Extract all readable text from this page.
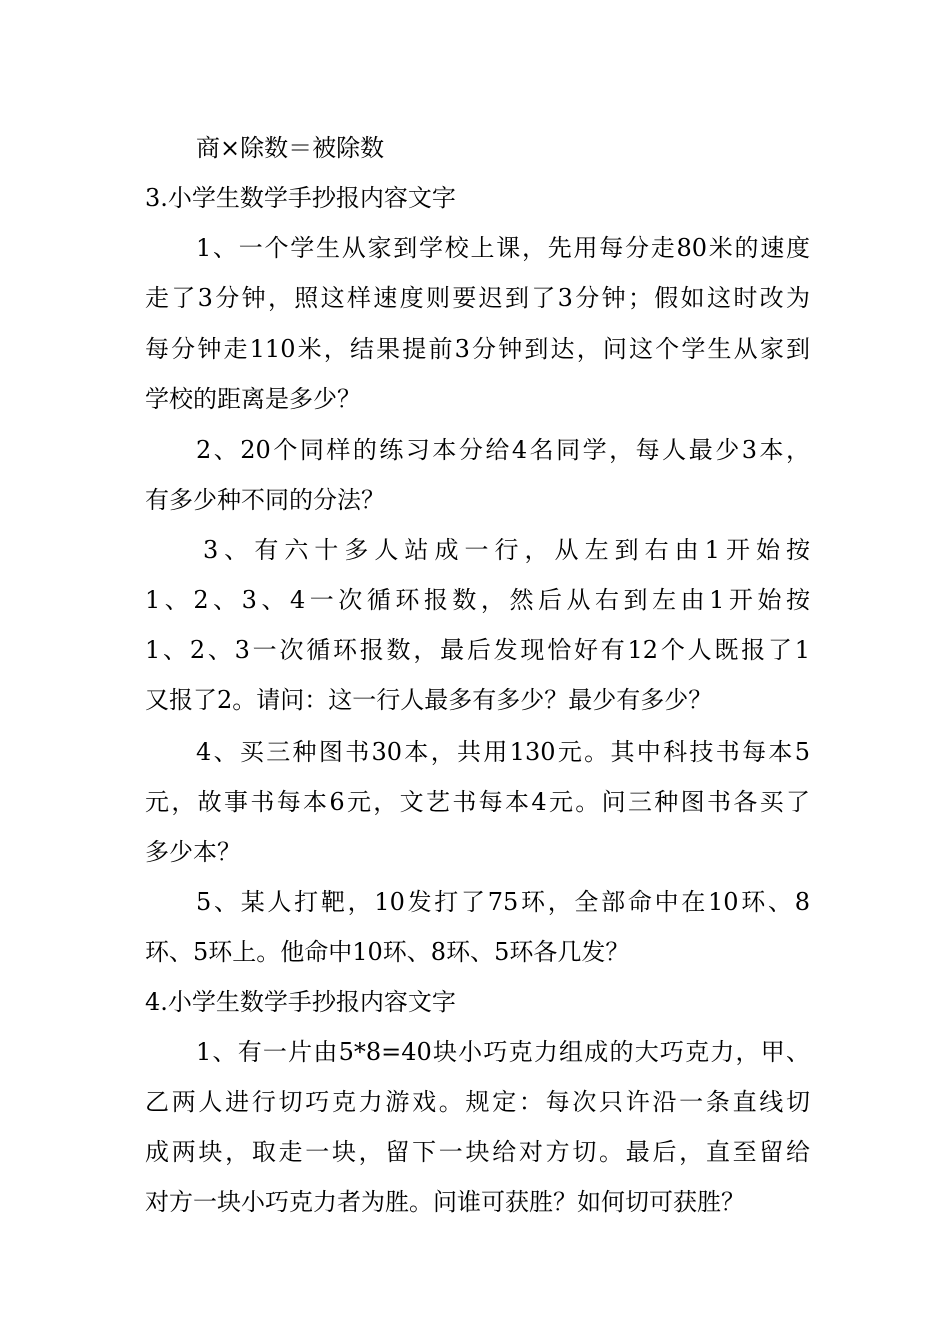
商×除数＝被除数
3.小学生数学手抄报内容文字
1、一个学生从家到学校上课，先用每分走80米的速度
走了3分钟，照这样速度则要迟到了3分钟；假如这时改为
每分钟走110米，结果提前3分钟到达，问这个学生从家到
学校的距离是多少？
2、20个同样的练习本分给4名同学，每人最少3本，
有多少种不同的分法？
3、有六十多人站成一行，从左到右由1开始按
1、2、3、4一次循环报数，然后从右到左由1开始按
1、2、3一次循环报数，最后发现恰好有12个人既报了1
又报了2。请问：这一行人最多有多少？最少有多少？
4、买三种图书30本，共用130元。其中科技书每本5
元，故事书每本6元，文艺书每本4元。问三种图书各买了
多少本？
5、某人打靶，10发打了75环，全部命中在10环、8
环、5环上。他命中10环、8环、5环各几发？
4.小学生数学手抄报内容文字
1、有一片由5*8=40块小巧克力组成的大巧克力，甲、
乙两人进行切巧克力游戏。规定：每次只许沿一条直线切
成两块，取走一块，留下一块给对方切。最后，直至留给
对方一块小巧克力者为胜。问谁可获胜？如何切可获胜？
